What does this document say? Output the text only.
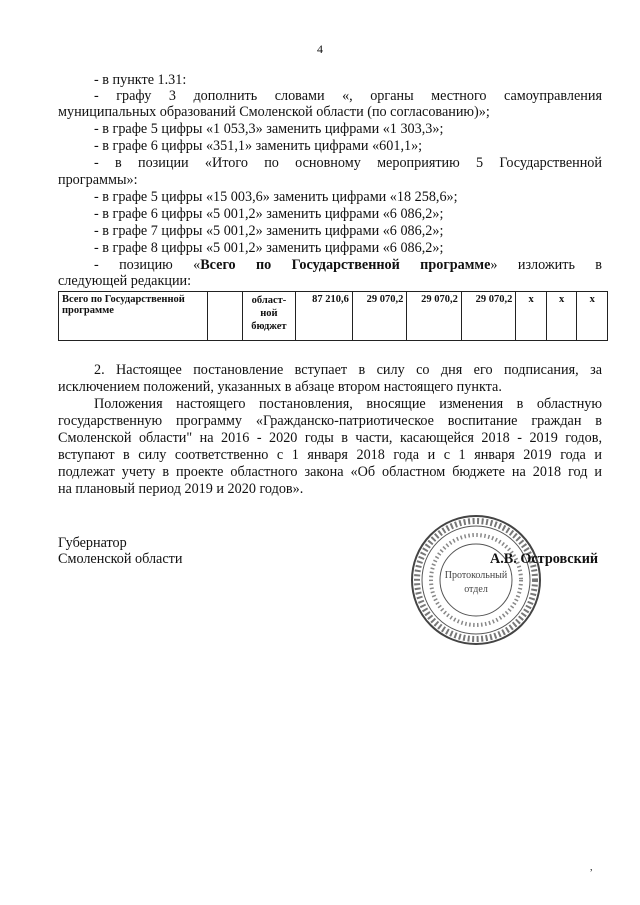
4
- в пункте 1.31:
- графу 3 дополнить словами «, органы местного самоуправления
муниципальных образований Смоленской области (по согласованию)»;
- в графе 5 цифры «1 053,3» заменить цифрами «1 303,3»;
- в графе 6 цифры «351,1» заменить цифрами «601,1»;
- в позиции «Итого по основному мероприятию 5 Государственной
программы»:
- в графе 5 цифры «15 003,6» заменить цифрами «18 258,6»;
- в графе 6 цифры «5 001,2» заменить цифрами «6 086,2»;
- в графе 7 цифры «5 001,2» заменить цифрами «6 086,2»;
- в графе 8 цифры «5 001,2» заменить цифрами «6 086,2»;
- позицию «Всего по Государственной программе» изложить в
следующей редакции:
Всего по Государственной программе		област-ной бюджет	87 210,6	29 070,2	29 070,2	29 070,2	x	x	x
2. Настоящее постановление вступает в силу со дня его подписания, за
исключением положений, указанных в абзаце втором настоящего пункта.
Положения настоящего постановления, вносящие изменения в областную
государственную программу «Гражданско-патриотическое воспитание граждан в
Смоленской области" на 2016 - 2020 годы в части, касающейся 2018 - 2019 годов,
вступают в силу соответственно с 1 января 2018 года и с 1 января 2019 года и
подлежат учету в проекте областного закона «Об областном бюджете на 2018 год и
на плановый период 2019 и 2020 годов».
Губернатор
Смоленской области
Протокольный
отдел
А.В. Островский
,
